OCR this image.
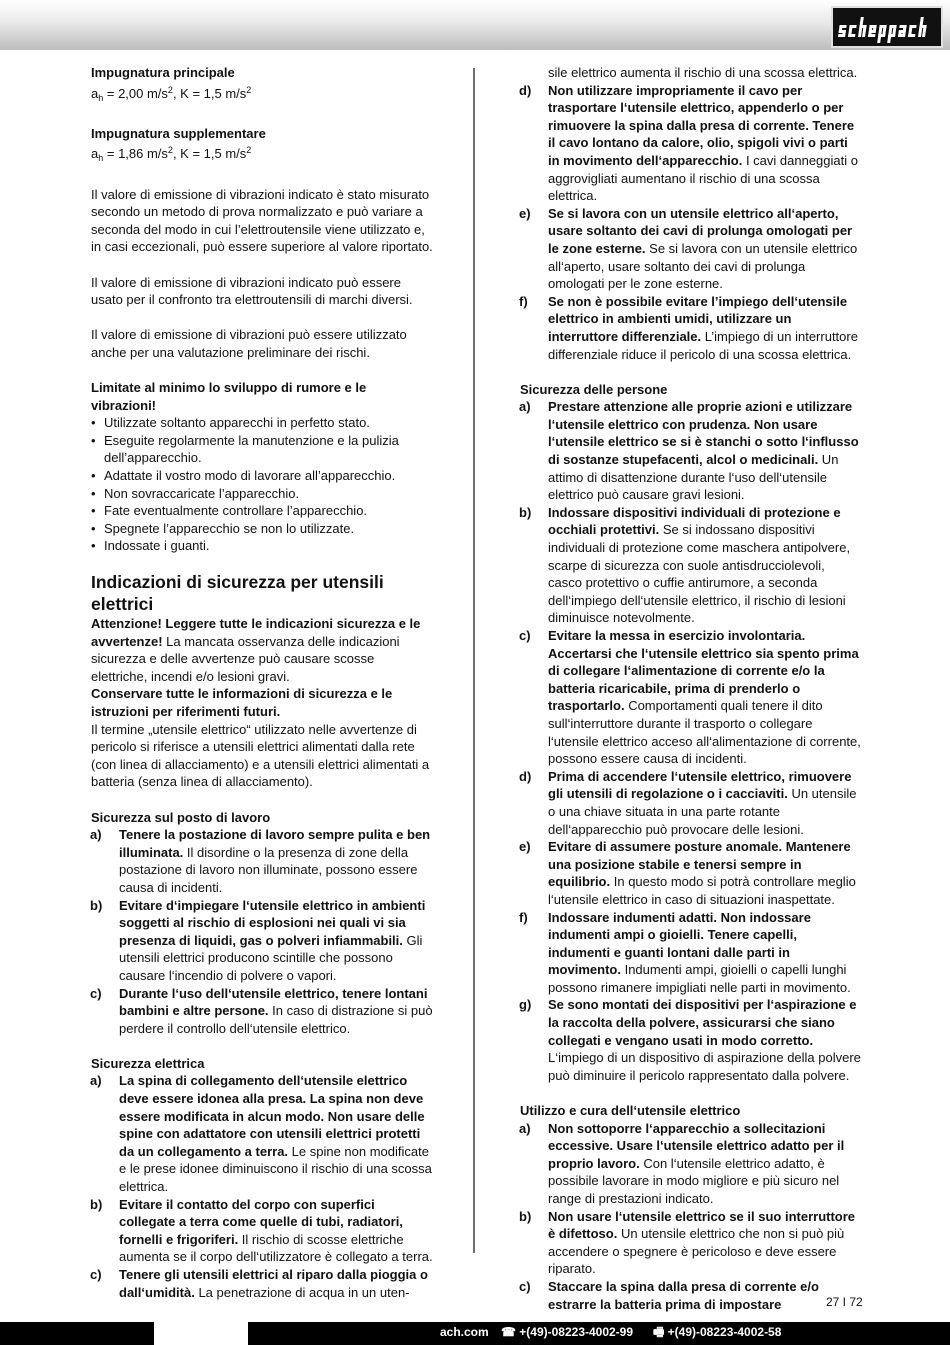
Impugnatura principale

$a_h = 2,00$ $m/s^2$, K = 1,5 $m/s^2$

Impugnatura supplementare

$a_h = 1,86$ $m/s^2$, K = 1,5 $m/s^2$

Il valore di emissione di vibrazioni indicato è stato misurato secondo un metodo di prova normalizzato e può variare a seconda del modo in cui l’elettroutensile viene utilizzato e, in casi eccezionali, può essere superiore al valore riportato.

Il valore di emissione di vibrazioni indicato può essere usato per il confronto tra elettroutensili di marchi diversi.

Il valore di emissione di vibrazioni può essere utilizzato anche per una valutazione preliminare dei rischi.

Limitate al minimo lo sviluppo di rumore e le vibrazioni!

• Utilizzate soltanto apparecchi in perfetto stato.
• Eseguite regolarmente la manutenzione e la pulizia dell’apparecchio.
• Adattate il vostro modo di lavorare all’apparecchio.
• Non sovraccaricate l’apparecchio.
• Fate eventualmente controllare l’apparecchio.
• Spegnete l’apparecchio se non lo utilizzate.
• Indossate i guanti.
Indicazioni di sicurezza per utensili elettrici

Attenzione! Leggere tutte le indicazioni sicurezza e le avvertenze! La mancata osservanza delle indicazioni sicurezza e delle avvertenze può causare scosse elettriche, incendi e/o lesioni gravi.

Conservare tutte le informazioni di sicurezza e le istruzioni per riferimenti futuri.

Il termine „utensile elettrico“ utilizzato nelle avvertenze di pericolo si riferisce a utensili elettrici alimentati dalla rete (con linea di allacciamento) e a utensili elettrici alimentati a batteria (senza linea di allacciamento).

Sicurezza sul posto di lavoro

a)	Tenere la postazione di lavoro sempre pulita e ben illuminata. Il disordine o la presenza di zone della postazione di lavoro non illuminate, possono essere causa di incidenti.
b)	Evitare d‘impiegare l‘utensile elettrico in ambienti soggetti al rischio di esplosioni nei quali vi sia presenza di liquidi, gas o polveri infiammabili. Gli utensili elettrici producono scintille che possono causare l‘incendio di polvere o vapori.
c)	Durante l‘uso dell‘utensile elettrico, tenere lontani bambini e altre persone. In caso di distrazione si può perdere il controllo dell‘utensile elettrico.

Sicurezza elettrica

a)	La spina di collegamento dell‘utensile elettrico deve essere idonea alla presa. La spina non deve essere modificata in alcun modo. Non usare delle spine con adattatore con utensili elettrici protetti da un collegamento a terra. Le spine non modificate e le prese idonee diminuiscono il rischio di una scossa elettrica.
b)	Evitare il contatto del corpo con superfici collegate a terra come quelle di tubi, radiatori, fornelli e frigoriferi. Il rischio di scosse elettriche aumenta se il corpo dell‘utilizzatore è collegato a terra.
c)	Tenere gli utensili elettrici al riparo dalla pioggia o dall‘umidità. La penetrazione di acqua in un uten-
sile elettrico aumenta il rischio di una scossa elettrica.
d)	Non utilizzare impropriamente il cavo per trasportare l‘utensile elettrico, appenderlo o per rimuovere la spina dalla presa di corrente. Tenere il cavo lontano da calore, olio, spigoli vivi o parti in movimento dell‘apparecchio. I cavi danneggiati o aggrovigliati aumentano il rischio di una scossa elettrica.
e)	Se si lavora con un utensile elettrico all‘aperto, usare soltanto dei cavi di prolunga omologati per le zone esterne. Se si lavora con un utensile elettrico all‘aperto, usare soltanto dei cavi di prolunga omologati per le zone esterne.
f)	Se non è possibile evitare l’impiego dell‘utensile elettrico in ambienti umidi, utilizzare un interruttore differenziale. L’impiego di un interruttore differenziale riduce il pericolo di una scossa elettrica.

Sicurezza delle persone

a)	Prestare attenzione alle proprie azioni e utilizzare l‘utensile elettrico con prudenza. Non usare l‘utensile elettrico se si è stanchi o sotto l‘influsso di sostanze stupefacenti, alcol o medicinali. Un attimo di disattenzione durante l‘uso dell‘utensile elettrico può causare gravi lesioni.
b)	Indossare dispositivi individuali di protezione e occhiali protettivi. Se si indossano dispositivi individuali di protezione come maschera antipolvere, scarpe di sicurezza con suole antisdrucciolevoli, casco protettivo o cuffie antirumore, a seconda dell‘impiego dell‘utensile elettrico, il rischio di lesioni diminuisce notevolmente.
c)	Evitare la messa in esercizio involontaria. Accertarsi che l‘utensile elettrico sia spento prima di collegare l‘alimentazione di corrente e/o la batteria ricaricabile, prima di prenderlo o trasportarlo. Comportamenti quali tenere il dito sull‘interruttore durante il trasporto o collegare l‘utensile elettrico acceso all‘alimentazione di corrente, possono essere causa di incidenti.
d)	Prima di accendere l‘utensile elettrico, rimuovere gli utensili di regolazione o i cacciaviti. Un utensile o una chiave situata in una parte rotante dell‘apparecchio può provocare delle lesioni.
e)	Evitare di assumere posture anomale. Mantenere una posizione stabile e tenersi sempre in equilibrio. In questo modo si potrà controllare meglio l‘utensile elettrico in caso di situazioni inaspettate.
f)	Indossare indumenti adatti. Non indossare indumenti ampi o gioielli. Tenere capelli, indumenti e guanti lontani dalle parti in movimento. Indumenti ampi, gioielli o capelli lunghi possono rimanere impigliati nelle parti in movimento.
g)	Se sono montati dei dispositivi per l‘aspirazione e la raccolta della polvere, assicurarsi che siano collegati e vengano usati in modo corretto. L‘impiego di un dispositivo di aspirazione della polvere può diminuire il pericolo rappresentato dalla polvere.

Utilizzo e cura dell‘utensile elettrico

a)	Non sottoporre l‘apparecchio a sollecitazioni eccessive. Usare l‘utensile elettrico adatto per il proprio lavoro. Con l‘utensile elettrico adatto, è possibile lavorare in modo migliore e più sicuro nel range di prestazioni indicato.
b)	Non usare l‘utensile elettrico se il suo interruttore è difettoso. Un utensile elettrico che non si può più accendere o spegnere è pericoloso e deve essere riparato.
c)	Staccare la spina dalla presa di corrente e/o estrarre la batteria prima di impostare	27 I 72
ach.com ☎ +(49)-08223-4002-99 🖷 +(49)-08223-4002-58
